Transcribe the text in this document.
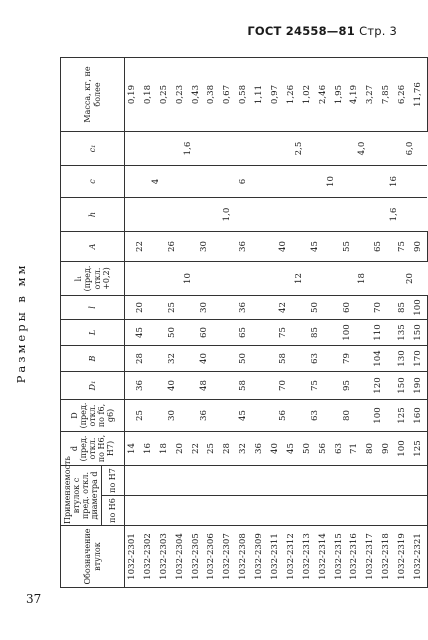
ГОСТ 24558—81 Стр. 3
Размеры в мм
Обозначение втулок	Применяемость втулок с пред. откл. диаметра d		d (пред. откл. по H6, H7)	D (пред. откл. по f6, g6)	D₁	B	L	l	l₁ (пред. откл. +0,2)	A	h	c	c₁	Масса, кг, не более
	по H6	по H7												
1032-2301			14	25	36	28	45	20		22		4		0,19
1032-2302			16											0,18
1032-2303			18	30	40	32	50	25	10	26			1,6	0,25
1032-2304			20											0,23
1032-2305			22	36	48	40	60	30		30	1,0	6		0,43
1032-2306			25											0,38
1032-2307			28	45	58	50	65	36		36				0,67
1032-2308			32											0,58
1032-2309			36											1,11
1032-2311			40	56	70	58	75	42	12	40			2,5	0,97
1032-2312			45											1,26
1032-2313			50	63	75	63	85	50		45		10		1,02
1032-2314			56											2,46
1032-2315			63	80	95	79	100	60	18	55			4,0	1,95
1032-2316			71											4,19
1032-2317			80	100	120	104	110	70		65	1,6	16		3,27
1032-2318			90											7,85
1032-2319			100	125	150	130	135	85	20	75			6,0	6,26
1032-2321			125	160	190	170	150	100		90				11,76
37
